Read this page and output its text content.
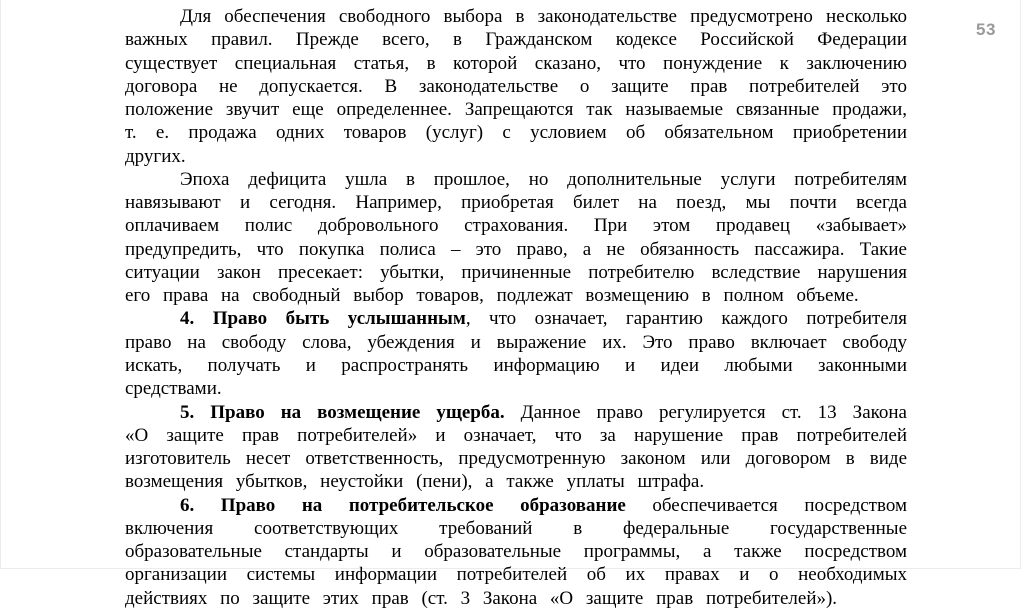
53

Для обеспечения свободного выбора в законодательстве предусмотрено несколько важных правил. Прежде всего, в Гражданском кодексе Российской Федерации существует специальная статья, в которой сказано, что понуждение к заключению договора не допускается. В законодательстве о защите прав потребителей это положение звучит еще определеннее. Запрещаются так называемые связанные продажи, т. е. продажа одних товаров (услуг) с условием об обязательном приобретении других.

Эпоха дефицита ушла в прошлое, но дополнительные услуги потребителям навязывают и сегодня. Например, приобретая билет на поезд, мы почти всегда оплачиваем полис добровольного страхования. При этом продавец «забывает» предупредить, что покупка полиса – это право, а не обязанность пассажира. Такие ситуации закон пресекает: убытки, причиненные потребителю вследствие нарушения его права на свободный выбор товаров, подлежат возмещению в полном объеме.

4. Право быть услышанным, что означает, гарантию каждого потребителя право на свободу слова, убеждения и выражение их. Это право включает свободу искать, получать и распространять информацию и идеи любыми законными средствами.

5. Право на возмещение ущерба. Данное право регулируется ст. 13 Закона «О защите прав потребителей» и означает, что за нарушение прав потребителей изготовитель несет ответственность, предусмотренную законом или договором в виде возмещения убытков, неустойки (пени), а также уплаты штрафа.

6. Право на потребительское образование обеспечивается посредством включения соответствующих требований в федеральные государственные образовательные стандарты и образовательные программы, а также посредством организации системы информации потребителей об их правах и о необходимых действиях по защите этих прав (ст. 3 Закона «О защите прав потребителей»).
